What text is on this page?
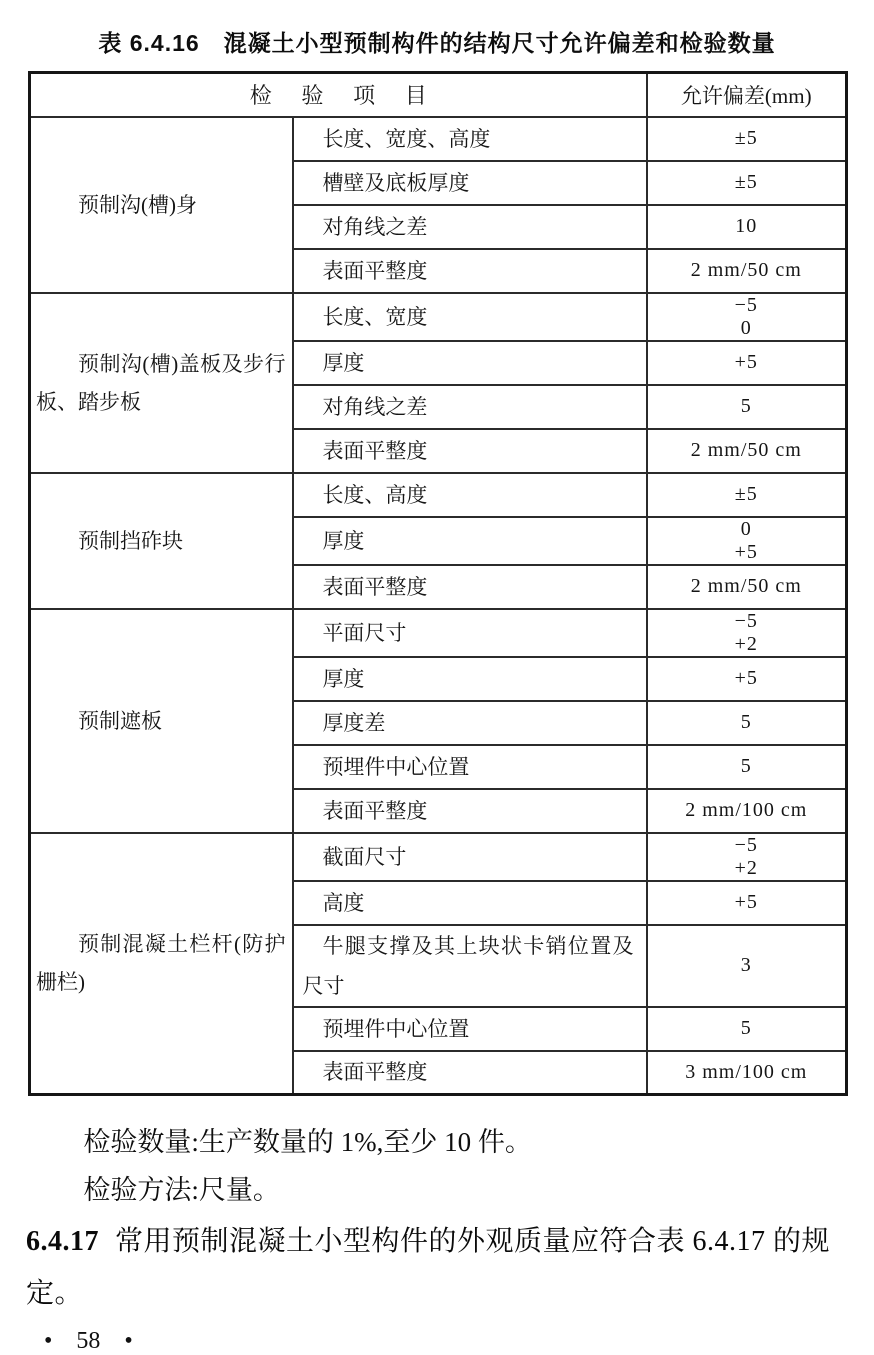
表 6.4.16　混凝土小型预制构件的结构尺寸允许偏差和检验数量
检 验 项 目		允许偏差(mm)
预制沟(槽)身	长度、宽度、高度	±5

	槽壁及底板厚度	±5

	对角线之差	10

	表面平整度	2 mm/50 cm

预制沟(槽)盖板及步行板、踏步板	长度、宽度	−5
0

	厚度	+5

	对角线之差	5

	表面平整度	2 mm/50 cm

预制挡砟块	长度、高度	±5

	厚度	0
+5

	表面平整度	2 mm/50 cm

预制遮板	平面尺寸	−5
+2

	厚度	+5

	厚度差	5

	预埋件中心位置	5

	表面平整度	2 mm/100 cm

预制混凝土栏杆(防护栅栏)	截面尺寸	−5
+2

	高度	+5

	牛腿支撑及其上块状卡销位置及尺寸	3

	预埋件中心位置	5

	表面平整度	3 mm/100 cm

检验数量:生产数量的 1%,至少 10 件。

检验方法:尺量。

6.4.17 常用预制混凝土小型构件的外观质量应符合表 6.4.17 的规定。

• 58 •
